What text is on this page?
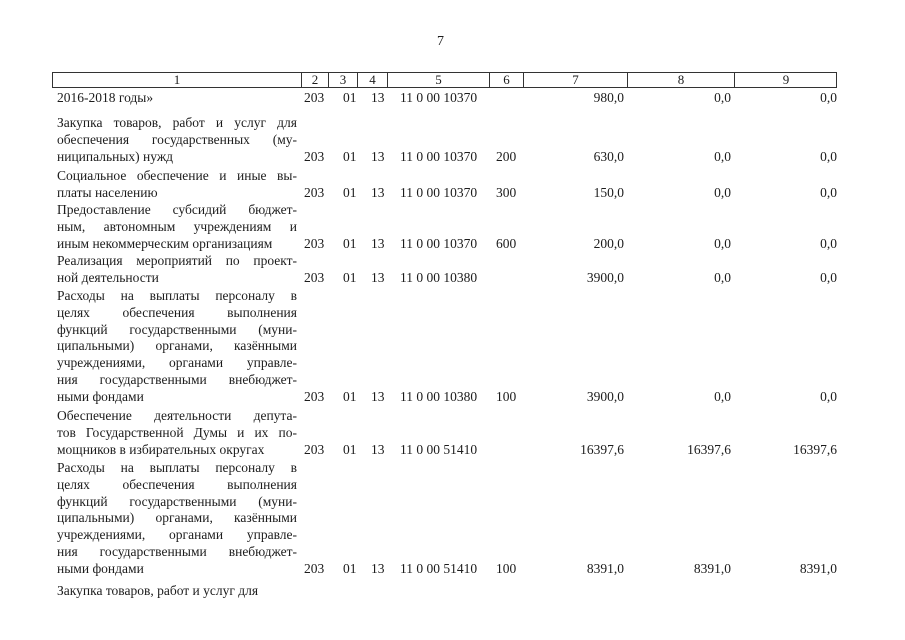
7
1	2	3	4	5	6	7	8	9
2016-2018 годы»	203 01 13 11 0 00 10370	980,0	0,0	0,0
Закупка товаров, работ и услуг для
обеспечения государственных (му-
ниципальных) нужд	203 01 13 11 0 00 10370 200	630,0	0,0	0,0
Социальное обеспечение и иные вы-
платы населению	203 01 13 11 0 00 10370 300	150,0	0,0	0,0
Предоставление субсидий бюджет-
ным, автономным учреждениям и
иным некоммерческим организациям	203 01 13 11 0 00 10370 600	200,0	0,0	0,0
Реализация мероприятий по проект-
ной деятельности	203 01 13 11 0 00 10380	3900,0	0,0	0,0
Расходы на выплаты персоналу в
целях обеспечения выполнения
функций государственными (муни-
ципальными) органами, казёнными
учреждениями, органами управле-
ния государственными внебюджет-
ными фондами	203 01 13 11 0 00 10380 100	3900,0	0,0	0,0
Обеспечение деятельности депута-
тов Государственной Думы и их по-
мощников в избирательных округах	203 01 13 11 0 00 51410	16397,6	16397,6	16397,6
Расходы на выплаты персоналу в
целях обеспечения выполнения
функций государственными (муни-
ципальными) органами, казёнными
учреждениями, органами управле-
ния государственными внебюджет-
ными фондами	203 01 13 11 0 00 51410 100	8391,0	8391,0	8391,0
Закупка товаров, работ и услуг для
